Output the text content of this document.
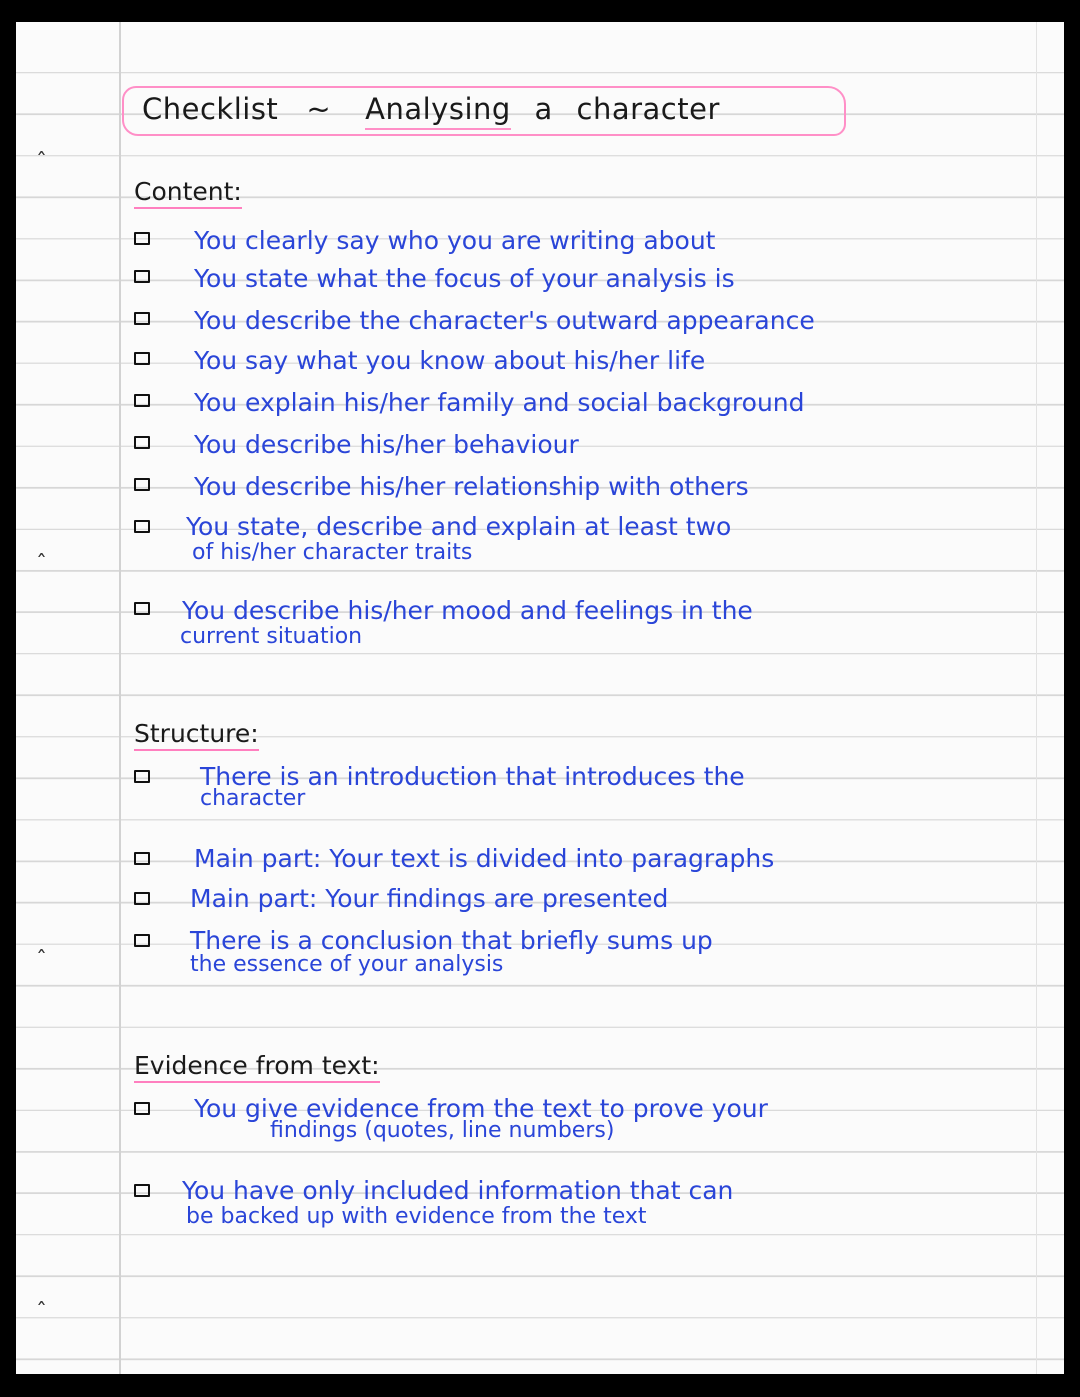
ˆ
ˆ
ˆ
ˆ
Checklist ~ Analysing a character
Content:
You clearly say who you are writing about
You state what the focus of your analysis is
You describe the character's outward appearance
You say what you know about his/her life
You explain his/her family and social background
You describe his/her behaviour
You describe his/her relationship with others
You state, describe and explain at least two
of his/her character traits
You describe his/her mood and feelings in the
current situation
Structure:
There is an introduction that introduces the
character
Main part: Your text is divided into paragraphs
Main part: Your findings are presented
There is a conclusion that briefly sums up
the essence of your analysis
Evidence from text:
You give evidence from the text to prove your
findings (quotes, line numbers)
You have only included information that can
be backed up with evidence from the text
